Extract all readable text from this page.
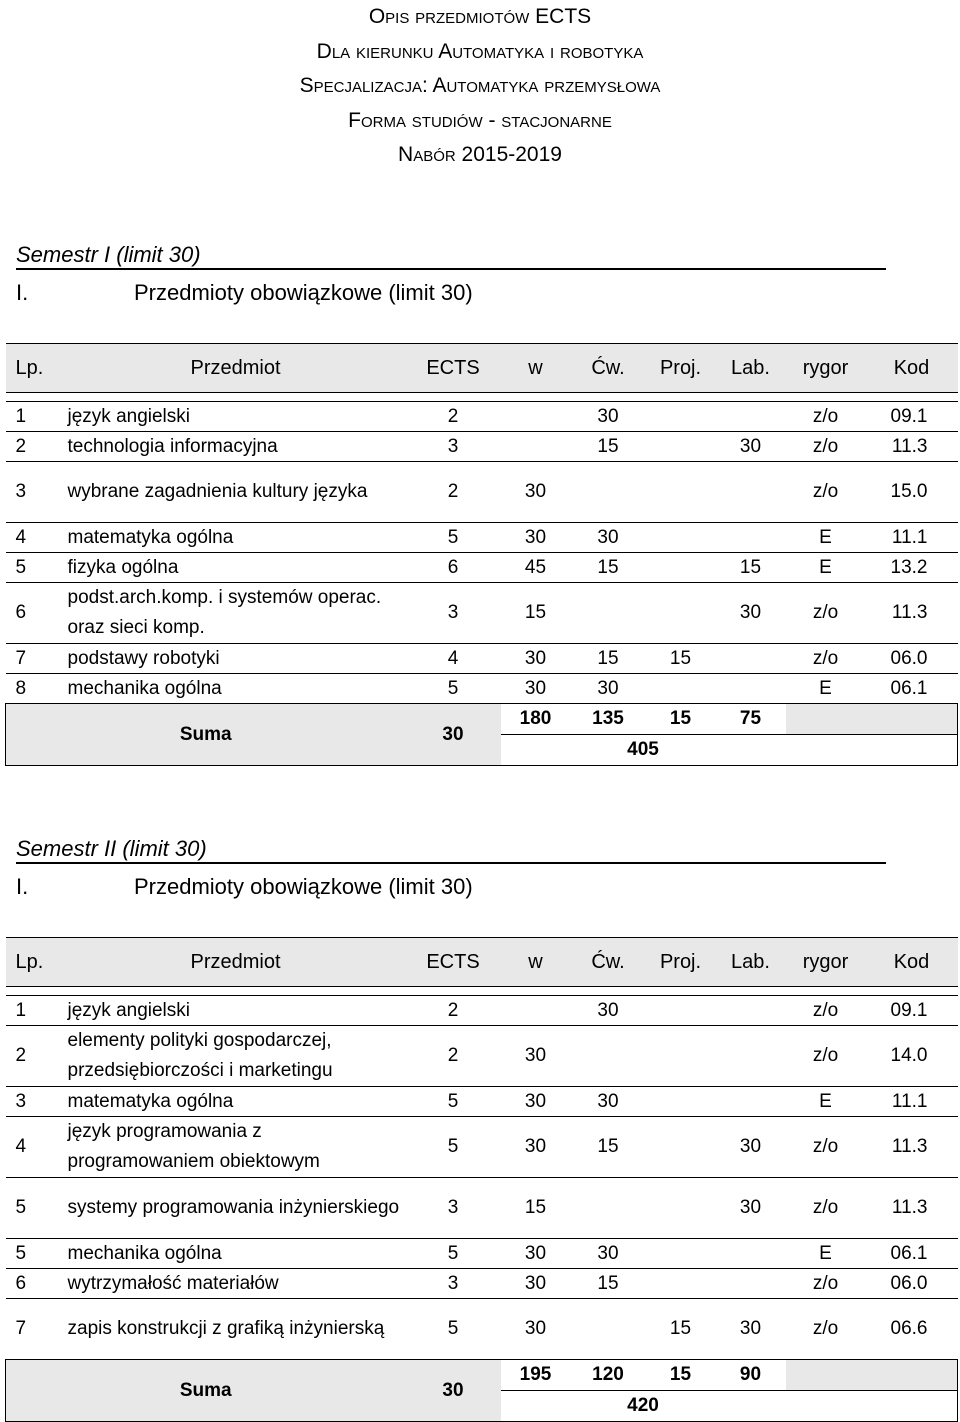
Opis przedmiotów ECTS
Dla kierunku Automatyka i robotyka
Specjalizacja: Automatyka przemysłowa
Forma studiów - stacjonarne
Nabór 2015-2019
Semestr I (limit 30)
I.	Przedmioty obowiązkowe (limit 30)
Lp.	Przedmiot	ECTS	w	Ćw.	Proj.	Lab.	rygor	Kod

1	język angielski	2		30			z/o	09.1
2	technologia informacyjna	3		15		30	z/o	11.3
3	wybrane zagadnienia kultury języka	2	30				z/o	15.0
4	matematyka ogólna	5	30	30			E	11.1
5	fizyka ogólna	6	45	15		15	E	13.2
6	podst.arch.komp. i systemów operac. oraz sieci komp.	3	15			30	z/o	11.3
7	podstawy robotyki	4	30	15	15		z/o	06.0
8	mechanika ogólna	5	30	30			E	06.1
Suma		30	180	135	15	75		
			405					
Semestr II (limit 30)
I.	Przedmioty obowiązkowe (limit 30)
Lp.	Przedmiot	ECTS	w	Ćw.	Proj.	Lab.	rygor	Kod

1	język angielski	2		30			z/o	09.1
2	elementy polityki gospodarczej, przedsiębiorczości i marketingu	2	30				z/o	14.0
3	matematyka ogólna	5	30	30			E	11.1
4	język programowania z programowaniem obiektowym	5	30	15		30	z/o	11.3
5	systemy programowania inżynierskiego	3	15			30	z/o	11.3
5	mechanika ogólna	5	30	30			E	06.1
6	wytrzymałość materiałów	3	30	15			z/o	06.0
7	zapis konstrukcji z grafiką inżynierską	5	30		15	30	z/o	06.6
Suma		30	195	120	15	90		
			420					
